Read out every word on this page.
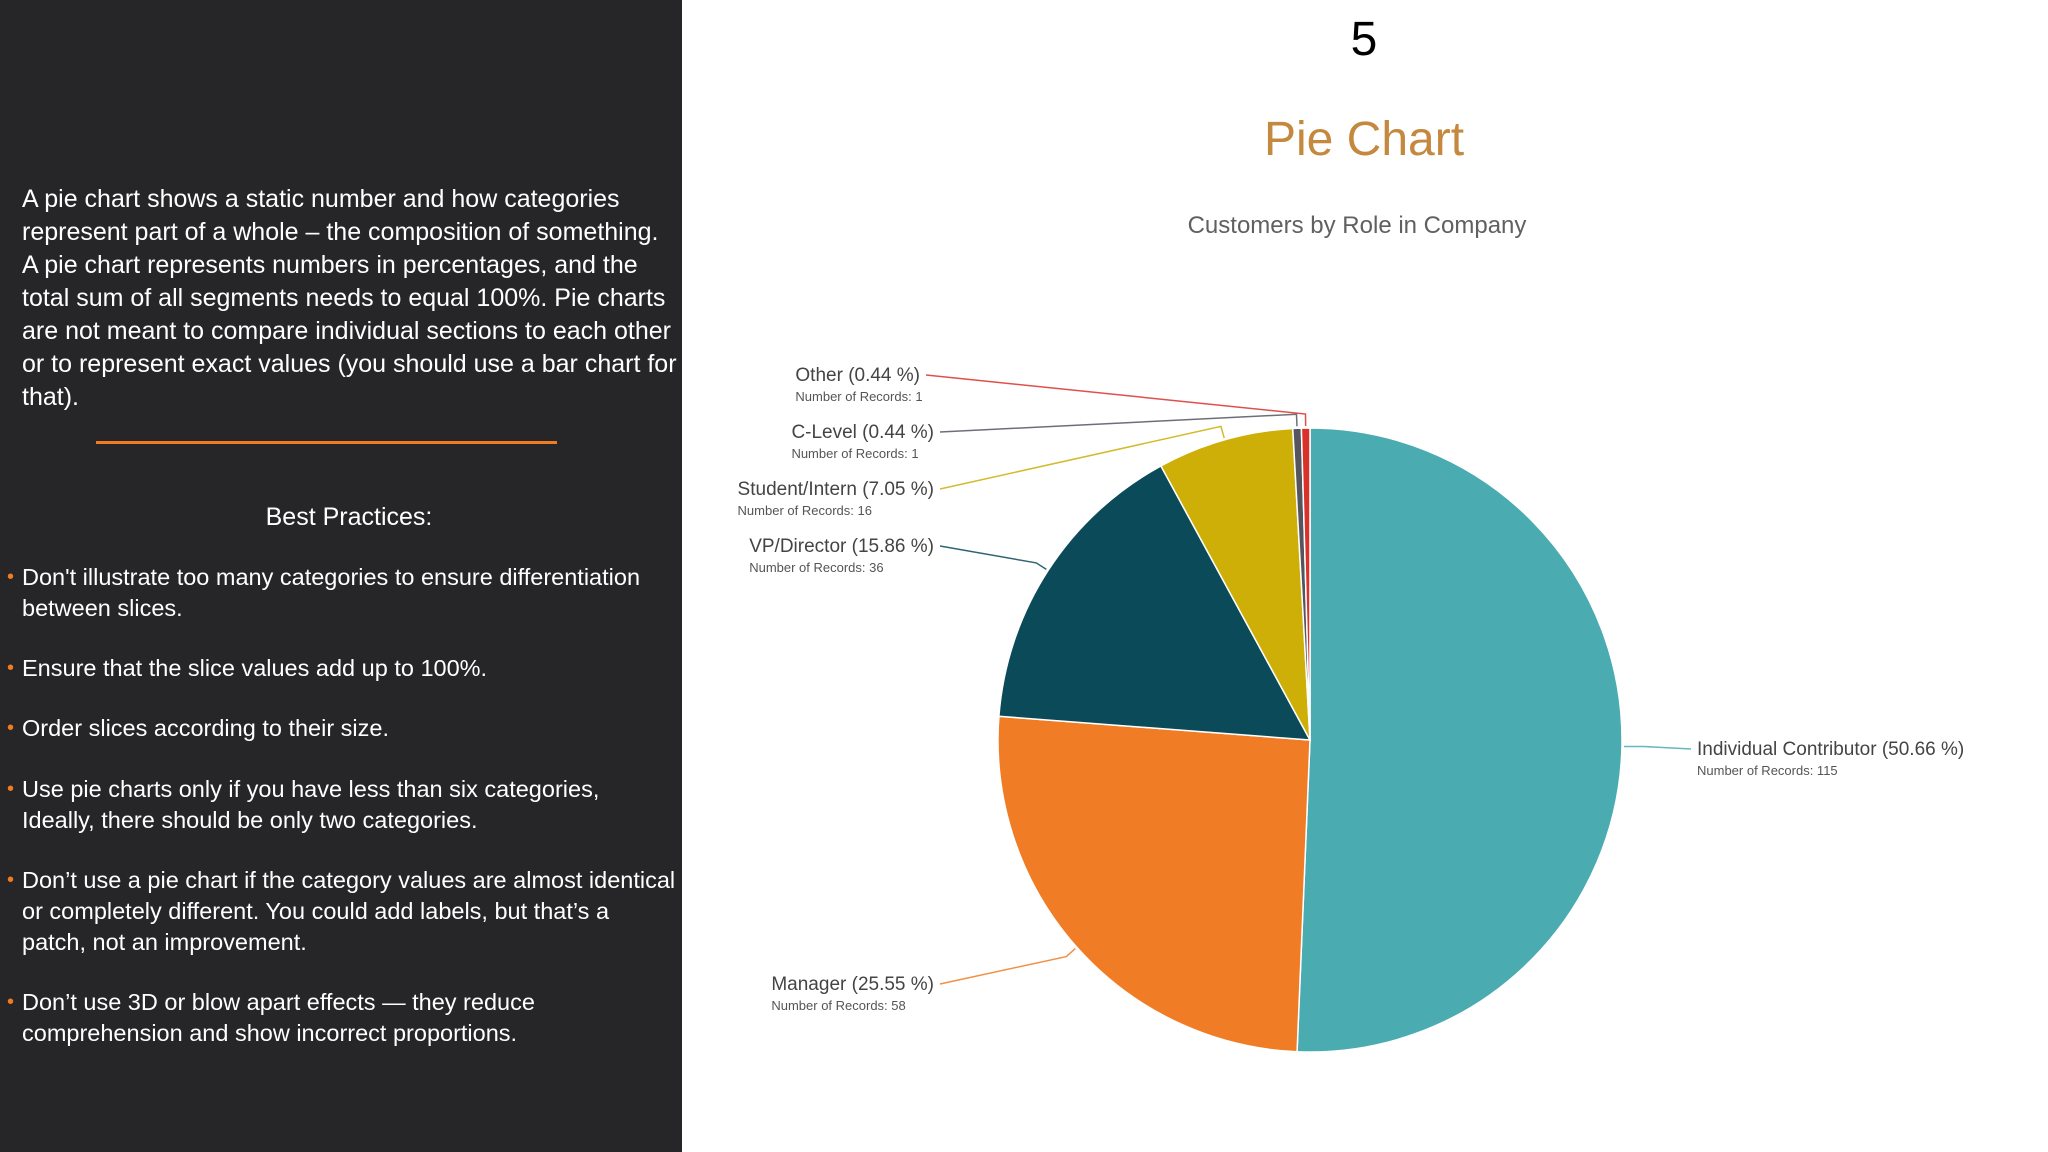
A pie chart shows a static number and how categories represent part of a whole – the composition of something. A pie chart represents numbers in percentages, and the total sum of all segments needs to equal 100%. Pie charts are not meant to compare individual sections to each other or to represent exact values (you should use a bar chart for that).

Best Practices:

• Don't illustrate too many categories to ensure differentiation between slices.
• Ensure that the slice values add up to 100%.
• Order slices according to their size.
• Use pie charts only if you have less than six categories, Ideally, there should be only two categories.
• Don’t use a pie chart if the category values are almost identical or completely different. You could add labels, but that’s a patch, not an improvement.
• Don’t use 3D or blow apart effects — they reduce comprehension and show incorrect proportions.
5
Pie Chart
Customers by Role in Company
Individual Contributor (50.66 %)
Number of Records: 115
Manager (25.55 %)
Number of Records: 58
VP/Director (15.86 %)
Number of Records: 36
Student/Intern (7.05 %)
Number of Records: 16
C-Level (0.44 %)
Number of Records: 1
Other (0.44 %)
Number of Records: 1
